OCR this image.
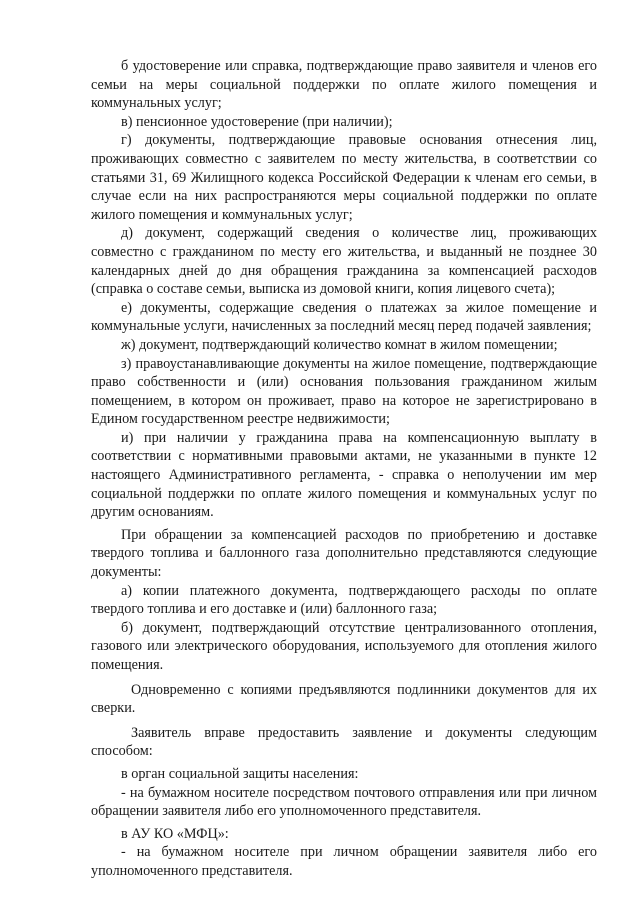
б удостоверение или справка, подтверждающие право заявителя и членов его семьи на меры социальной поддержки по оплате жилого помещения и коммунальных услуг;

в) пенсионное удостоверение (при наличии);

г) документы, подтверждающие правовые основания отнесения лиц, проживающих совместно с заявителем по месту жительства, в соответствии со статьями 31, 69 Жилищного кодекса Российской Федерации к членам его семьи, в случае если на них распространяются меры социальной поддержки по оплате жилого помещения и коммунальных услуг;

д) документ, содержащий сведения о количестве лиц, проживающих совместно с гражданином по месту его жительства, и выданный не позднее 30 календарных дней до дня обращения гражданина за компенсацией расходов (справка о составе семьи, выписка из домовой книги, копия лицевого счета);

е) документы, содержащие сведения о платежах за жилое помещение и коммунальные услуги, начисленных за последний месяц перед подачей заявления;

ж) документ, подтверждающий количество комнат в жилом помещении;

з) правоустанавливающие документы на жилое помещение, подтверждающие право собственности и (или) основания пользования гражданином жилым помещением, в котором он проживает, право на которое не зарегистрировано в Едином государственном реестре недвижимости;

и) при наличии у гражданина права на компенсационную выплату в соответствии с нормативными правовыми актами, не указанными в пункте 12 настоящего Административного регламента, - справка о неполучении им мер социальной поддержки по оплате жилого помещения и коммунальных услуг по другим основаниям.

При обращении за компенсацией расходов по приобретению и доставке твердого топлива и баллонного газа дополнительно представляются следующие документы:

а) копии платежного документа, подтверждающего расходы по оплате твердого топлива и его доставке и (или) баллонного газа;

б) документ, подтверждающий отсутствие централизованного отопления, газового или электрического оборудования, используемого для отопления жилого помещения.

Одновременно с копиями предъявляются подлинники документов для их сверки.

Заявитель вправе предоставить заявление и документы следующим способом:

в орган социальной защиты населения:

- на бумажном носителе посредством почтового отправления или при личном обращении заявителя либо его уполномоченного представителя.

в АУ КО «МФЦ»:

- на бумажном носителе при личном обращении заявителя либо его уполномоченного представителя.
